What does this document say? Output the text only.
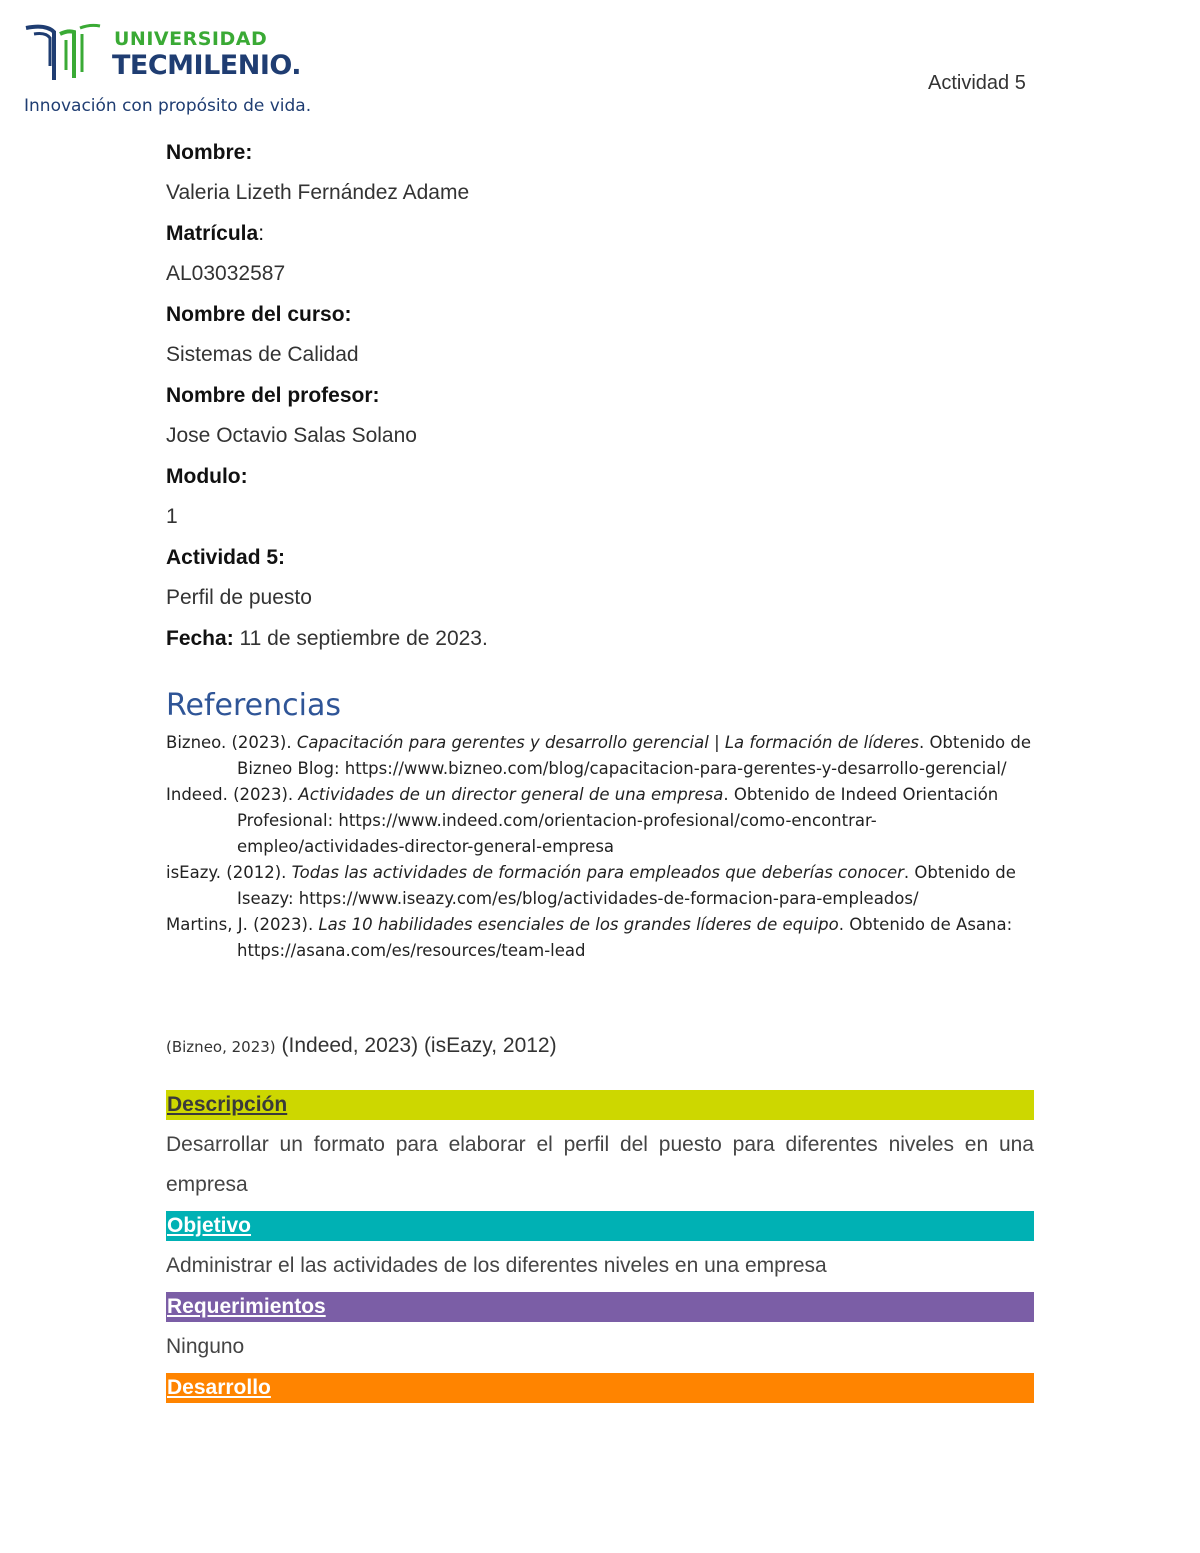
UNIVERSIDAD
TECMILENIO.
Innovación con propósito de vida.
Actividad 5
Nombre:
Valeria Lizeth Fernández Adame
Matrícula:
AL03032587
Nombre del curso:
Sistemas de Calidad
Nombre del profesor:
Jose Octavio Salas Solano
Modulo:
1
Actividad 5:
Perfil de puesto
Fecha: 11 de septiembre de 2023.
Referencias
Bizneo. (2023). Capacitación para gerentes y desarrollo gerencial | La formación de líderes. Obtenido de Bizneo Blog: https://www.bizneo.com/blog/capacitacion-para-gerentes-y-desarrollo-gerencial/
Indeed. (2023). Actividades de un director general de una empresa. Obtenido de Indeed Orientación Profesional: https://www.indeed.com/orientacion-profesional/como-encontrar-empleo/actividades-director-general-empresa
isEazy. (2012). Todas las actividades de formación para empleados que deberías conocer. Obtenido de Iseazy: https://www.iseazy.com/es/blog/actividades-de-formacion-para-empleados/
Martins, J. (2023). Las 10 habilidades esenciales de los grandes líderes de equipo. Obtenido de Asana: https://asana.com/es/resources/team-lead
(Bizneo, 2023) (Indeed, 2023) (isEazy, 2012)
Descripción
Desarrollar un formato para elaborar el perfil del puesto para diferentes niveles en una empresa
Objetivo
Administrar el las actividades de los diferentes niveles en una empresa
Requerimientos
Ninguno
Desarrollo
